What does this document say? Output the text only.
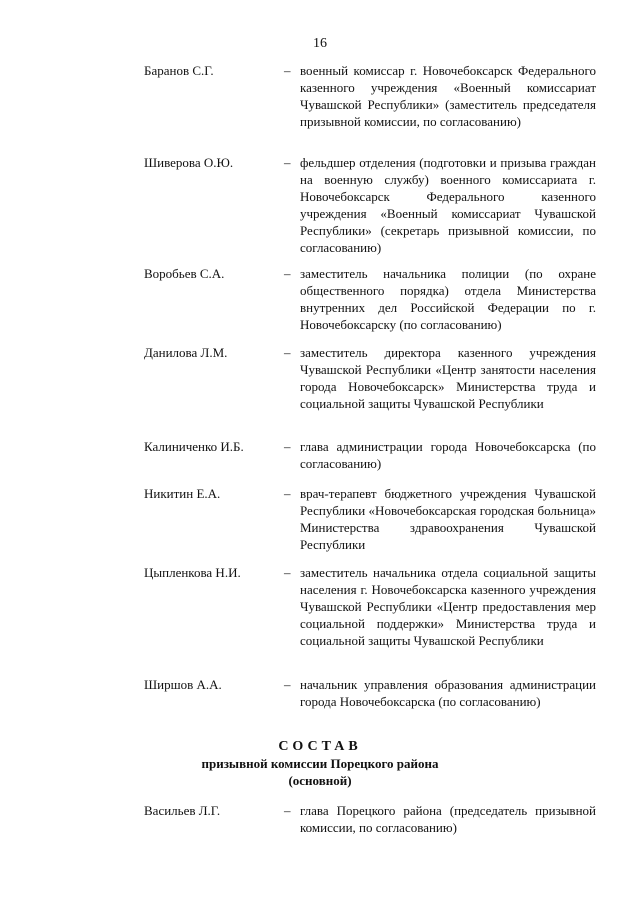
16
Баранов С.Г.	– военный комиссар г. Новочебоксарск Федерального казенного учреждения «Военный комиссариат Чувашской Республики» (заместитель председателя призывной комиссии, по согласованию)
Шиверова О.Ю.	– фельдшер отделения (подготовки и призыва граждан на военную службу) военного комиссариата г. Новочебоксарск Федерального казенного учреждения «Военный комиссариат Чувашской Республики» (секретарь призывной комиссии, по согласованию)
Воробьев С.А.	– заместитель начальника полиции (по охране общественного порядка) отдела Министерства внутренних дел Российской Федерации по г. Новочебоксарску (по согласованию)
Данилова Л.М.	– заместитель директора казенного учреждения Чувашской Республики «Центр занятости населения города Новочебоксарск» Министерства труда и социальной защиты Чувашской Республики
Калиниченко И.Б.	– глава администрации города Новочебоксарска (по согласованию)
Никитин Е.А.	– врач-терапевт бюджетного учреждения Чувашской Республики «Новочебоксарская городская больница» Министерства здравоохранения Чувашской Республики
Цыпленкова Н.И.	– заместитель начальника отдела социальной защиты населения г. Новочебоксарска казенного учреждения Чувашской Республики «Центр предоставления мер социальной поддержки» Министерства труда и социальной защиты Чувашской Республики
Ширшов А.А.	– начальник управления образования администрации города Новочебоксарска (по согласованию)
СОСТАВ
призывной комиссии Порецкого района
(основной)
Васильев Л.Г.	– глава Порецкого района (председатель призывной комиссии, по согласованию)
